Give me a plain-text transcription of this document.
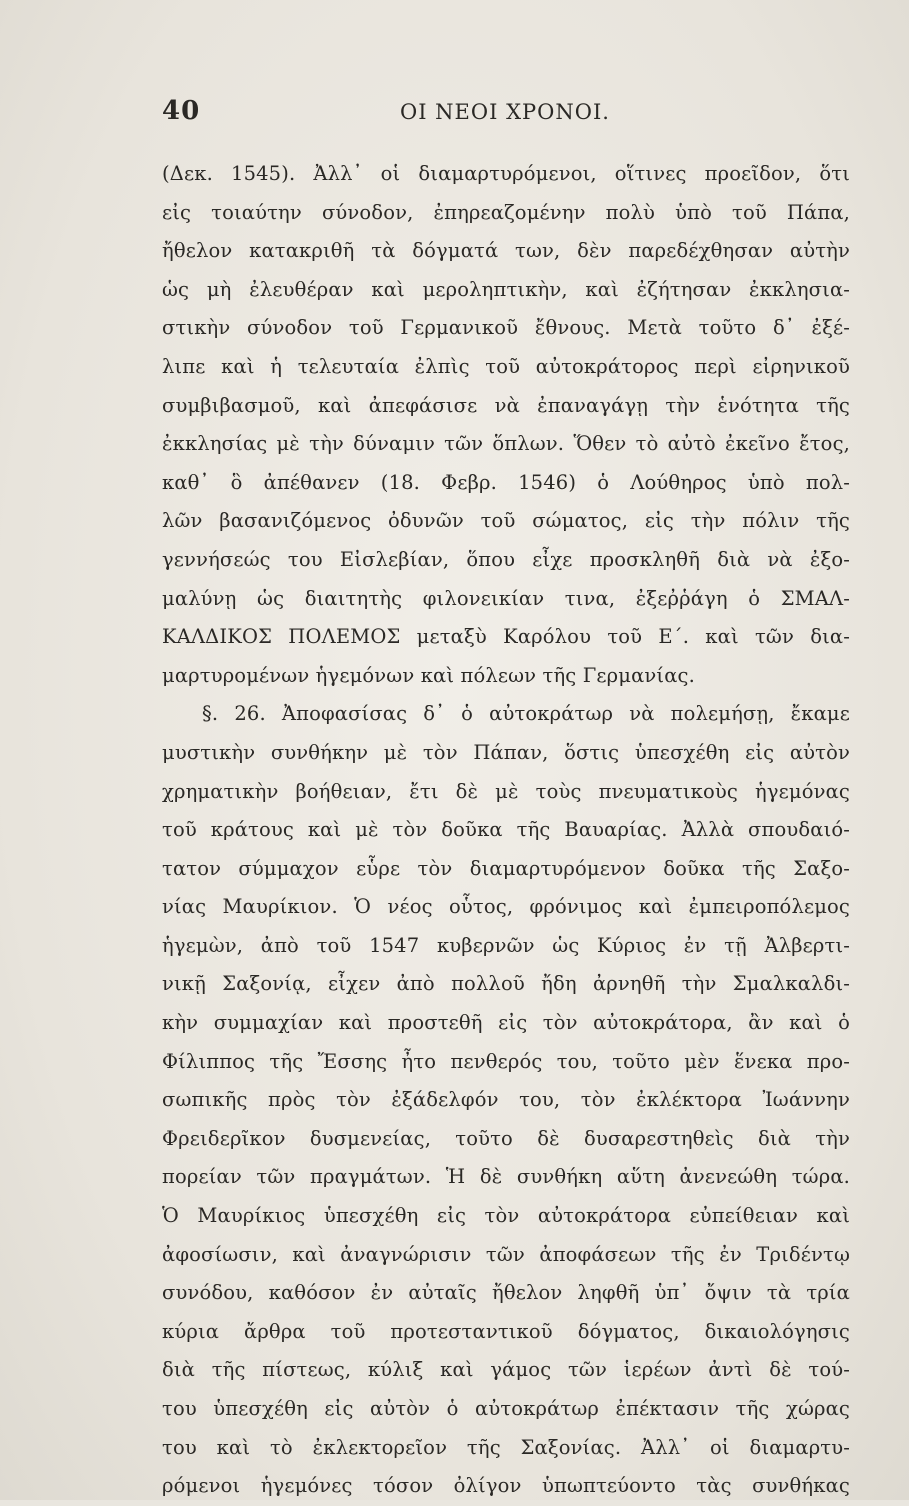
40	ΟΙ ΝΕΟΙ ΧΡΟΝΟΙ.
(Δεκ. 1545). Ἀλλ᾽ οἱ διαμαρτυρόμενοι, οἵτινες προεῖδον, ὅτι
εἰς τοιαύτην σύνοδον, ἐπηρεαζομένην πολὺ ὑπὸ τοῦ Πάπα,
ἤθελον κατακριθῆ τὰ δόγματά των, δὲν παρεδέχθησαν αὐτὴν
ὡς μὴ ἐλευθέραν καὶ μεροληπτικὴν, καὶ ἐζήτησαν ἐκκλησια-
στικὴν σύνοδον τοῦ Γερμανικοῦ ἔθνους. Μετὰ τοῦτο δ᾽ ἐξέ-
λιπε καὶ ἡ τελευταία ἐλπὶς τοῦ αὐτοκράτορος περὶ εἰρηνικοῦ
συμβιβασμοῦ, καὶ ἀπεφάσισε νὰ ἐπαναγάγῃ τὴν ἑνότητα τῆς
ἐκκλησίας μὲ τὴν δύναμιν τῶν ὅπλων. Ὅθεν τὸ αὐτὸ ἐκεῖνο ἔτος,
καθ᾽ ὃ ἀπέθανεν (18. Φεβρ. 1546) ὁ Λούθηρος ὑπὸ πολ-
λῶν βασανιζόμενος ὀδυνῶν τοῦ σώματος, εἰς τὴν πόλιν τῆς
γεννήσεώς του Εἰσλεβίαν, ὅπου εἶχε προσκληθῆ διὰ νὰ ἐξο-
μαλύνῃ ὡς διαιτητὴς φιλονεικίαν τινα, ἐξεῤῥάγη ὁ ΣΜΑΛ-
ΚΑΛΔΙΚΟΣ ΠΟΛΕΜΟΣ μεταξὺ Καρόλου τοῦ Ε΄. καὶ τῶν δια-
μαρτυρομένων ἡγεμόνων καὶ πόλεων τῆς Γερμανίας.
§. 26. Ἀποφασίσας δ᾽ ὁ αὐτοκράτωρ νὰ πολεμήσῃ, ἔκαμε
μυστικὴν συνθήκην μὲ τὸν Πάπαν, ὅστις ὑπεσχέθη εἰς αὐτὸν
χρηματικὴν βοήθειαν, ἔτι δὲ μὲ τοὺς πνευματικοὺς ἡγεμόνας
τοῦ κράτους καὶ μὲ τὸν δοῦκα τῆς Βαυαρίας. Ἀλλὰ σπουδαιό-
τατον σύμμαχον εὗρε τὸν διαμαρτυρόμενον δοῦκα τῆς Σαξο-
νίας Μαυρίκιον. Ὁ νέος οὗτος, φρόνιμος καὶ ἐμπειροπόλεμος
ἡγεμὼν, ἀπὸ τοῦ 1547 κυβερνῶν ὡς Κύριος ἐν τῇ Ἀλβερτι-
νικῇ Σαξονίᾳ, εἶχεν ἀπὸ πολλοῦ ἤδη ἀρνηθῆ τὴν Σμαλκαλδι-
κὴν συμμαχίαν καὶ προστεθῆ εἰς τὸν αὐτοκράτορα, ἂν καὶ ὁ
Φίλιππος τῆς Ἔσσης ἦτο πενθερός του, τοῦτο μὲν ἕνεκα προ-
σωπικῆς πρὸς τὸν ἐξάδελφόν του, τὸν ἐκλέκτορα Ἰωάννην
Φρειδερῖκον δυσμενείας, τοῦτο δὲ δυσαρεστηθεὶς διὰ τὴν
πορείαν τῶν πραγμάτων. Ἡ δὲ συνθήκη αὕτη ἀνενεώθη τώρα.
Ὁ Μαυρίκιος ὑπεσχέθη εἰς τὸν αὐτοκράτορα εὐπείθειαν καὶ
ἀφοσίωσιν, καὶ ἀναγνώρισιν τῶν ἀποφάσεων τῆς ἐν Τριδέντῳ
συνόδου, καθόσον ἐν αὐταῖς ἤθελον ληφθῆ ὑπ᾽ ὄψιν τὰ τρία
κύρια ἄρθρα τοῦ προτεσταντικοῦ δόγματος, δικαιολόγησις
διὰ τῆς πίστεως, κύλιξ καὶ γάμος τῶν ἱερέων ἀντὶ δὲ τού-
του ὑπεσχέθη εἰς αὐτὸν ὁ αὐτοκράτωρ ἐπέκτασιν τῆς χώρας
του καὶ τὸ ἐκλεκτορεῖον τῆς Σαξονίας. Ἀλλ᾽ οἱ διαμαρτυ-
ρόμενοι ἡγεμόνες τόσον ὀλίγον ὑπωπτεύοντο τὰς συνθήκας
